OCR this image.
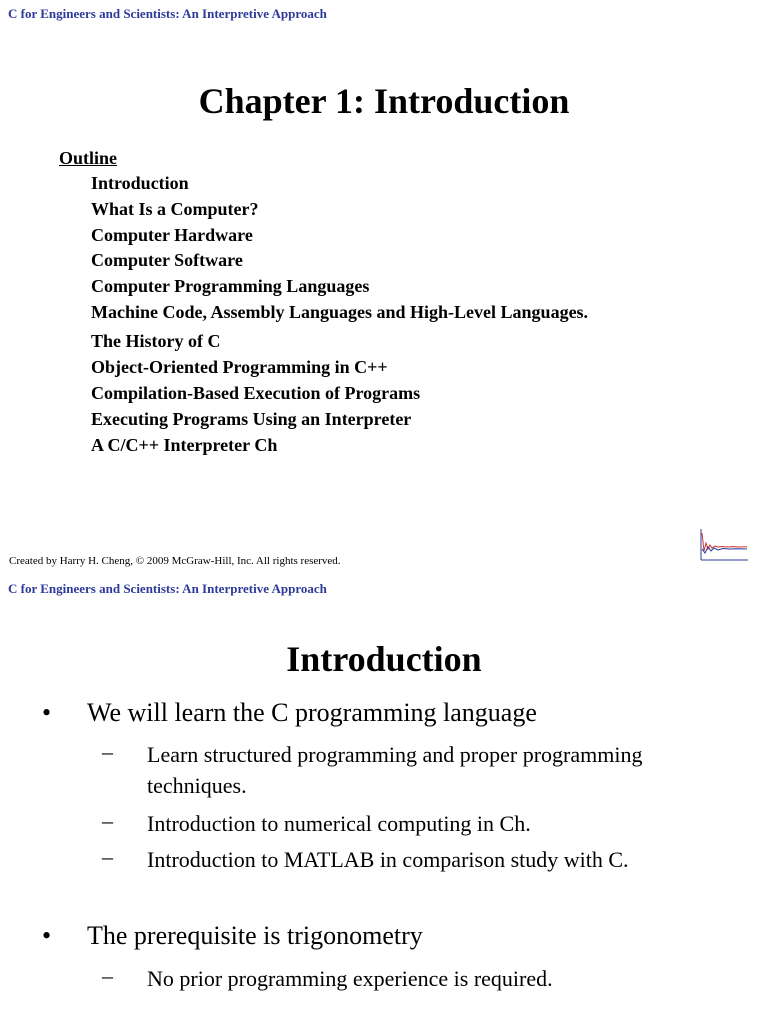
C for Engineers and Scientists: An Interpretive Approach
Chapter 1: Introduction
Outline
Introduction
What Is a Computer?
Computer Hardware
Computer Software
Computer Programming Languages
Machine Code, Assembly Languages and High-Level Languages.
The History of C
Object-Oriented Programming in C++
Compilation-Based Execution of Programs
Executing Programs Using an Interpreter
A C/C++ Interpreter Ch
Created by Harry H. Cheng, © 2009 McGraw-Hill, Inc. All rights reserved.
C for Engineers and Scientists: An Interpretive Approach
Introduction
• We will learn the C programming language
– Learn structured programming and proper programming techniques.
– Introduction to numerical computing in Ch.
– Introduction to MATLAB in comparison study with C.
• The prerequisite is trigonometry
– No prior programming experience is required.
